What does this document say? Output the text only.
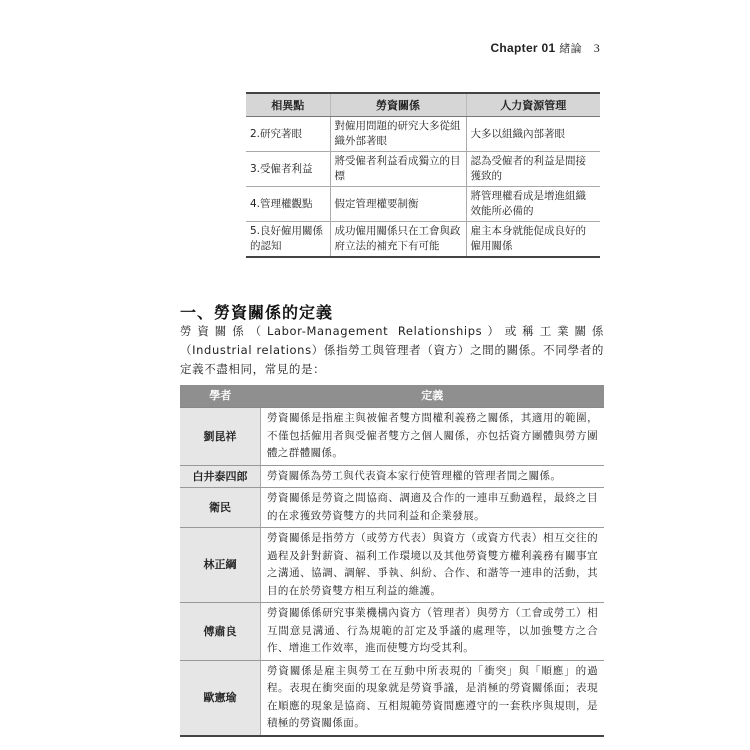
Chapter 01 緒論 3
相異點	勞資關係	人力資源管理
2.研究著眼	對僱用問題的研究大多從組織外部著眼	大多以組織內部著眼
3.受僱者利益	將受僱者利益看成獨立的目標	認為受僱者的利益是間接獲致的
4.管理權觀點	假定管理權要制衡	將管理權看成是增進組織效能所必備的
5.良好僱用關係的認知	成功僱用關係只在工會與政府立法的補充下有可能	雇主本身就能促成良好的僱用關係
一、勞資關係的定義
勞資關係（Labor-Management Relationships）或稱工業關係（Industrial relations）係指勞工與管理者（資方）之間的關係。不同學者的定義不盡相同，常見的是：
學者	定義
劉昆祥	勞資關係是指雇主與被僱者雙方間權利義務之關係，其適用的範圍，不僅包括僱用者與受僱者雙方之個人關係，亦包括資方團體與勞方團體之群體關係。
白井泰四郎	勞資關係為勞工與代表資本家行使管理權的管理者間之關係。
衛民	勞資關係是勞資之間協商、調適及合作的一連串互動過程，最終之目的在求獲致勞資雙方的共同利益和企業發展。
林正綱	勞資關係是指勞方（或勞方代表）與資方（或資方代表）相互交往的過程及針對薪資、福利工作環境以及其他勞資雙方權利義務有關事宜之溝通、協調、調解、爭執、糾紛、合作、和諧等一連串的活動，其目的在於勞資雙方相互利益的維護。
傅肅良	勞資關係係研究事業機構內資方（管理者）與勞方（工會或勞工）相互間意見溝通、行為規範的訂定及爭議的處理等，以加強雙方之合作、增進工作效率，進而使雙方均受其利。
歐憲瑜	勞資關係是雇主與勞工在互動中所表現的「衝突」與「順應」的過程。表現在衝突面的現象就是勞資爭議，是消極的勞資關係面；表現在順應的現象是協商、互相規範勞資間應遵守的一套秩序與規則，是積極的勞資關係面。
